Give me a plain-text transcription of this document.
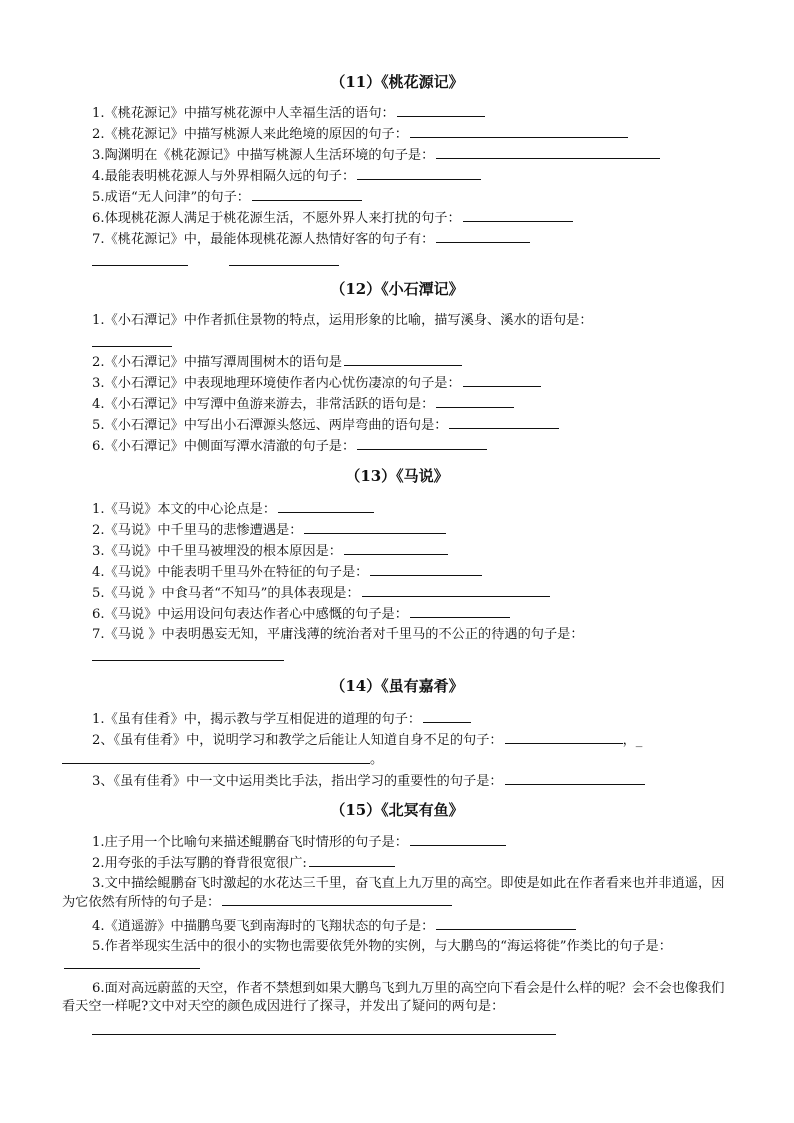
（11）《桃花源记》
1.《桃花源记》中描写桃花源中人幸福生活的语句：
2.《桃花源记》中描写桃源人来此绝境的原因的句子：
3.陶渊明在《桃花源记》中描写桃源人生活环境的句子是：
4.最能表明桃花源人与外界相隔久远的句子：
5.成语“无人问津”的句子：
6.体现桃花源人满足于桃花源生活，不愿外界人来打扰的句子：
7.《桃花源记》中，最能体现桃花源人热情好客的句子有：
（12）《小石潭记》
1.《小石潭记》中作者抓住景物的特点，运用形象的比喻，描写溪身、溪水的语句是：
2.《小石潭记》中描写潭周围树木的语句是
3.《小石潭记》中表现地理环境使作者内心忧伤凄凉的句子是：
4.《小石潭记》中写潭中鱼游来游去，非常活跃的语句是：
5.《小石潭记》中写出小石潭源头悠远、两岸弯曲的语句是：
6.《小石潭记》中侧面写潭水清澈的句子是：
（13）《马说》
1.《马说》本文的中心论点是：
2.《马说》中千里马的悲惨遭遇是：
3.《马说》中千里马被埋没的根本原因是：
4.《马说》中能表明千里马外在特征的句子是：
5.《马说 》中食马者“不知马”的具体表现是：
6.《马说》中运用设问句表达作者心中感慨的句子是：
7.《马说 》中表明愚妄无知，平庸浅薄的统治者对千里马的不公正的待遇的句子是：
（14）《虽有嘉肴》
1.《虽有佳肴》中，揭示教与学互相促进的道理的句子：
2、《虽有佳肴》中，说明学习和教学之后能让人知道自身不足的句子：	，_
。
3、《虽有佳肴》中一文中运用类比手法，指出学习的重要性的句子是：
（15）《北冥有鱼》
1.庄子用一个比喻句来描述鲲鹏奋飞时情形的句子是：
2.用夸张的手法写鹏的脊背很宽很广:
3.文中描绘鲲鹏奋飞时激起的水花达三千里，奋飞直上九万里的高空。即使是如此在作者看来也并非逍遥，因为它依然有所恃的句子是：
4.《逍遥游》中描鹏鸟要飞到南海时的飞翔状态的句子是：
5.作者举现实生活中的很小的实物也需要依凭外物的实例，与大鹏鸟的“海运将徙”作类比的句子是：
6.面对高远蔚蓝的天空，作者不禁想到如果大鹏鸟飞到九万里的高空向下看会是什么样的呢？会不会也像我们看天空一样呢?文中对天空的颜色成因进行了探寻，并发出了疑问的两句是：
